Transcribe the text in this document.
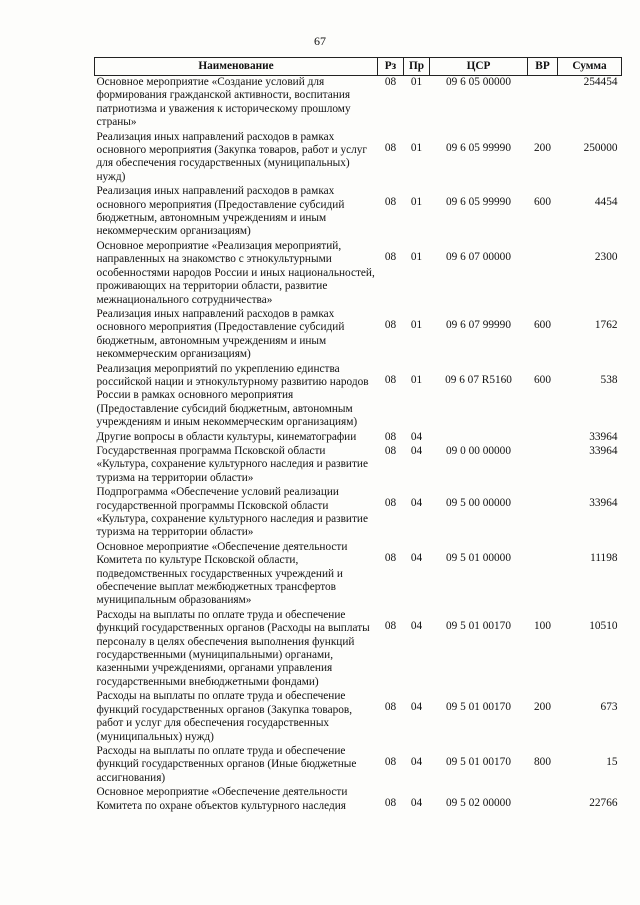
67
Наименование	Рз	Пр	ЦСР	ВР	Сумма
Основное мероприятие «Создание условий для формирования гражданской активности, воспитания патриотизма и уважения к историческому прошлому страны»	08	01	09 6 05 00000		254454
Реализация иных направлений расходов в рамках основного мероприятия (Закупка товаров, работ и услуг для обеспечения государственных (муниципальных) нужд)	08	01	09 6 05 99990	200	250000
Реализация иных направлений расходов в рамках основного мероприятия (Предоставление субсидий бюджетным, автономным учреждениям и иным некоммерческим организациям)	08	01	09 6 05 99990	600	4454
Основное мероприятие «Реализация мероприятий, направленных на знакомство с этнокультурными особенностями народов России и иных национальностей, проживающих на территории области, развитие межнационального сотрудничества»	08	01	09 6 07 00000		2300
Реализация иных направлений расходов в рамках основного мероприятия (Предоставление субсидий бюджетным, автономным учреждениям и иным некоммерческим организациям)	08	01	09 6 07 99990	600	1762
Реализация мероприятий по укреплению единства российской нации и этнокультурному развитию народов России в рамках основного мероприятия (Предоставление субсидий бюджетным, автономным учреждениям и иным некоммерческим организациям)	08	01	09 6 07 R5160	600	538
Другие вопросы в области культуры, кинематографии	08	04			33964
Государственная программа Псковской области «Культура, сохранение культурного наследия и развитие туризма на территории области»	08	04	09 0 00 00000		33964
Подпрограмма «Обеспечение условий реализации государственной программы Псковской области «Культура, сохранение культурного наследия и развитие туризма на территории области»	08	04	09 5 00 00000		33964
Основное мероприятие «Обеспечение деятельности Комитета по культуре Псковской области, подведомственных государственных учреждений и обеспечение выплат межбюджетных трансфертов муниципальным образованиям»	08	04	09 5 01 00000		11198
Расходы на выплаты по оплате труда и обеспечение функций государственных органов (Расходы на выплаты персоналу в целях обеспечения выполнения функций государственными (муниципальными) органами, казенными учреждениями, органами управления государственными внебюджетными фондами)	08	04	09 5 01 00170	100	10510
Расходы на выплаты по оплате труда и обеспечение функций государственных органов (Закупка товаров, работ и услуг для обеспечения государственных (муниципальных) нужд)	08	04	09 5 01 00170	200	673
Расходы на выплаты по оплате труда и обеспечение функций государственных органов (Иные бюджетные ассигнования)	08	04	09 5 01 00170	800	15
Основное мероприятие «Обеспечение деятельности Комитета по охране объектов культурного наследия	08	04	09 5 02 00000		22766
